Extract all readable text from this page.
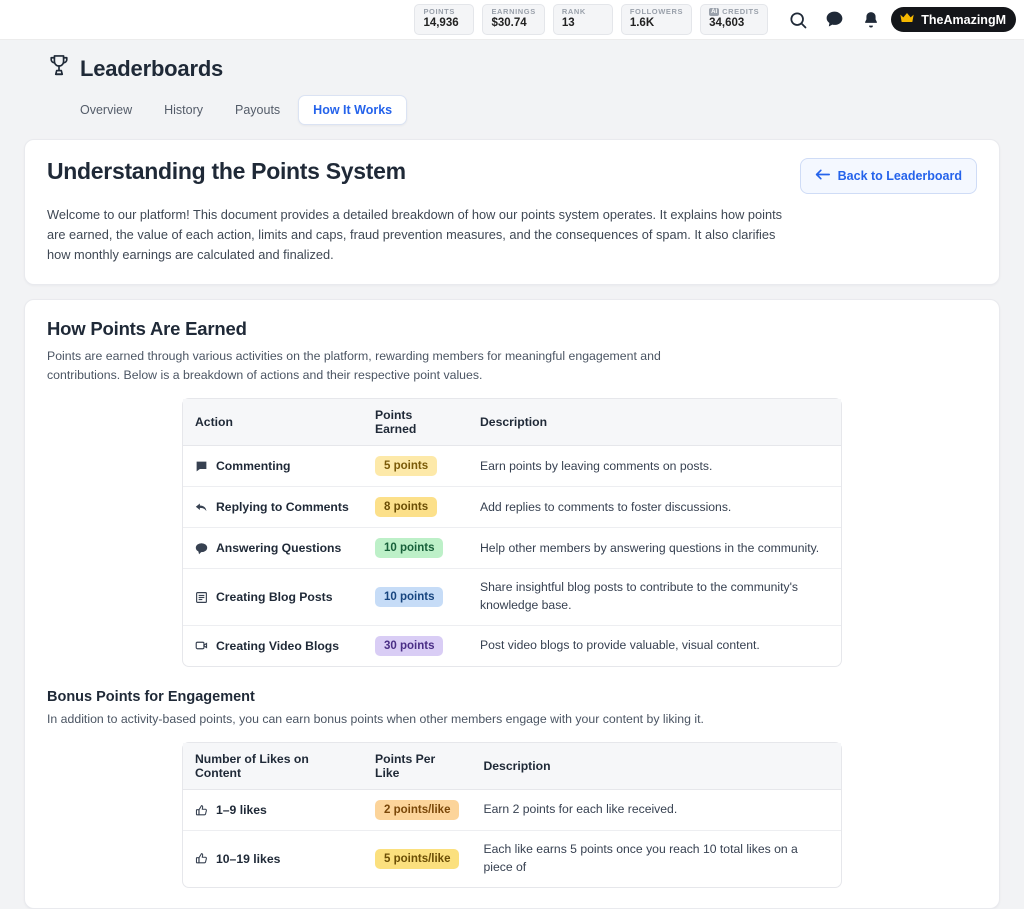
POINTS
14,936
EARNINGS
$30.74
RANK
13
FOLLOWERS
1.6K
AI CREDITS
34,603	TheAmazingM
Leaderboards
Overview	History	Payouts	How It Works
Understanding the Points System	Back to Leaderboard

Welcome to our platform! This document provides a detailed breakdown of how our points system operates. It explains how points are earned, the value of each action, limits and caps, fraud prevention measures, and the consequences of spam. It also clarifies how monthly earnings are calculated and finalized.

How Points Are Earned

Points are earned through various activities on the platform, rewarding members for meaningful engagement and contributions. Below is a breakdown of actions and their respective point values.

Action	Points Earned	Description

Commenting	5 points	Earn points by leaving comments on posts.

Replying to Comments	8 points	Add replies to comments to foster discussions.

Answering Questions	10 points	Help other members by answering questions in the community.

Creating Blog Posts	10 points	Share insightful blog posts to contribute to the community's knowledge base.

Creating Video Blogs	30 points	Post video blogs to provide valuable, visual content.
Bonus Points for Engagement

In addition to activity-based points, you can earn bonus points when other members engage with your content by liking it.

Number of Likes on Content	Points Per Like	Description

1–9 likes	2 points/like	Earn 2 points for each like received.

10–19 likes	5 points/like	Each like earns 5 points once you reach 10 total likes on a piece of
